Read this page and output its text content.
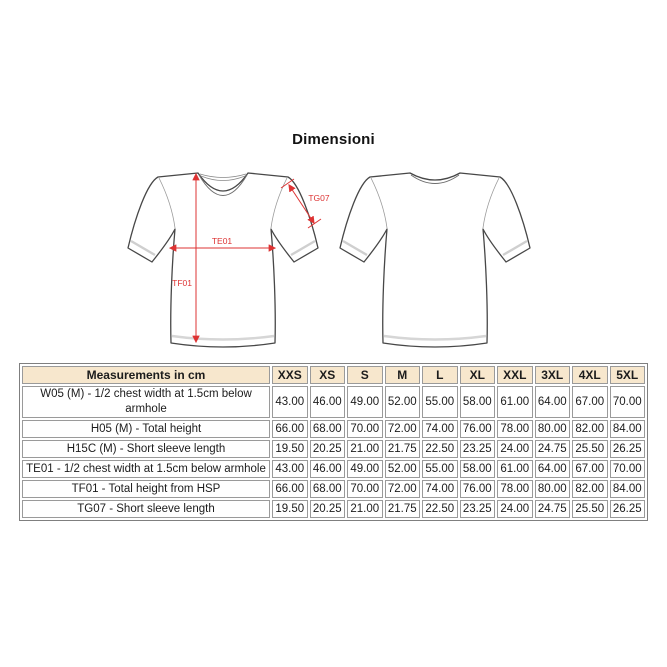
Dimensioni
TE01
TF01
TG07
Measurements in cm	XXS	XS	S	M	L	XL	XXL	3XL	4XL	5XL
W05 (M) - 1/2 chest width at 1.5cm below armhole	43.00	46.00	49.00	52.00	55.00	58.00	61.00	64.00	67.00	70.00
H05 (M) - Total height	66.00	68.00	70.00	72.00	74.00	76.00	78.00	80.00	82.00	84.00
H15C (M) - Short sleeve length	19.50	20.25	21.00	21.75	22.50	23.25	24.00	24.75	25.50	26.25
TE01 - 1/2 chest width at 1.5cm below armhole	43.00	46.00	49.00	52.00	55.00	58.00	61.00	64.00	67.00	70.00
TF01 - Total height from HSP	66.00	68.00	70.00	72.00	74.00	76.00	78.00	80.00	82.00	84.00
TG07 - Short sleeve length	19.50	20.25	21.00	21.75	22.50	23.25	24.00	24.75	25.50	26.25
